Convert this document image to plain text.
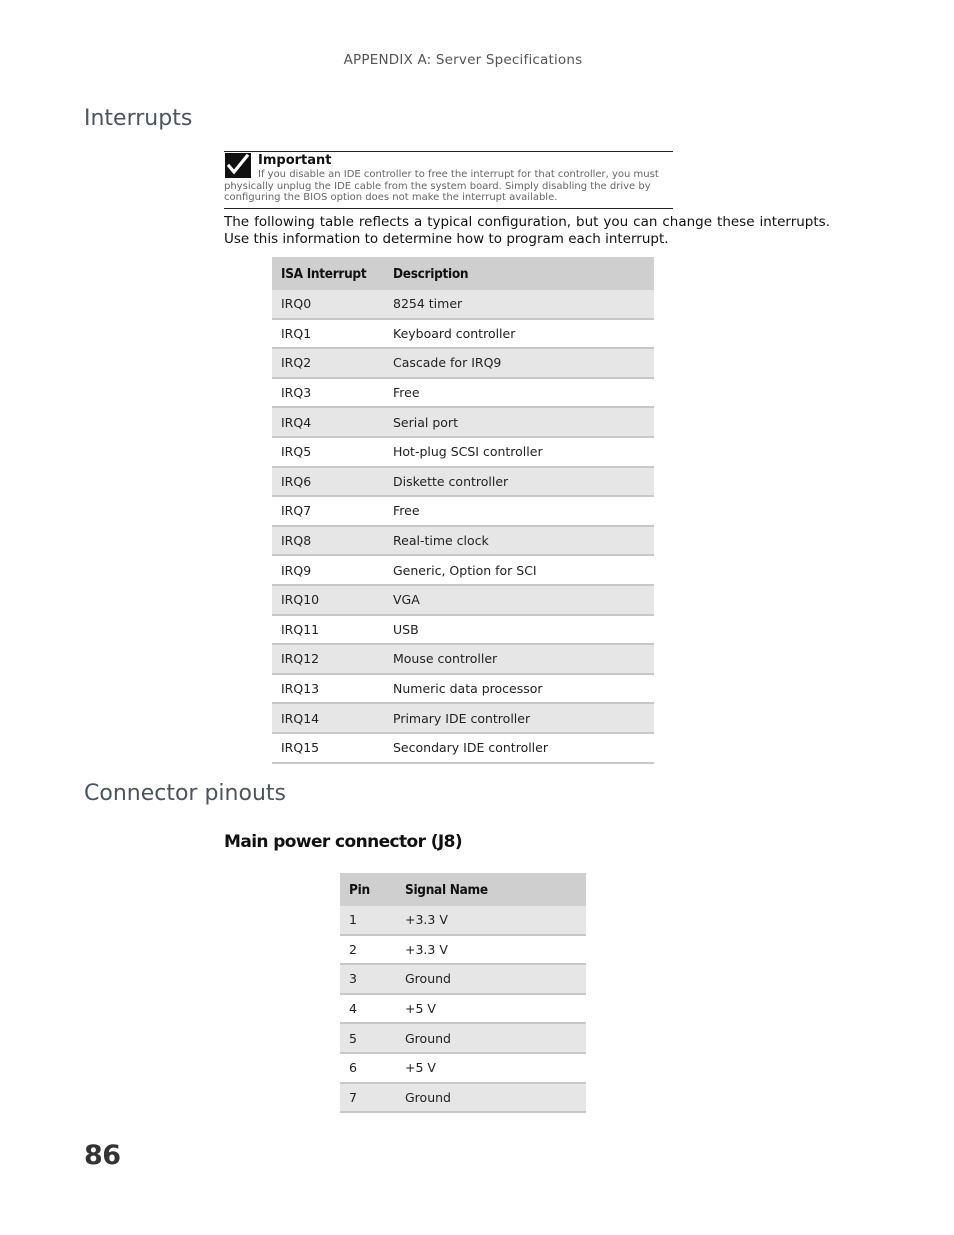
APPENDIX A: Server Specifications
Interrupts
Important
If you disable an IDE controller to free the interrupt for that controller, you must physically unplug the IDE cable from the system board. Simply disabling the drive by configuring the BIOS option does not make the interrupt available.
The following table reflects a typical configuration, but you can change these interrupts. Use this information to determine how to program each interrupt.
ISA Interrupt	Description
IRQ0	8254 timer
IRQ1	Keyboard controller
IRQ2	Cascade for IRQ9
IRQ3	Free
IRQ4	Serial port
IRQ5	Hot-plug SCSI controller
IRQ6	Diskette controller
IRQ7	Free
IRQ8	Real-time clock
IRQ9	Generic, Option for SCI
IRQ10	VGA
IRQ11	USB
IRQ12	Mouse controller
IRQ13	Numeric data processor
IRQ14	Primary IDE controller
IRQ15	Secondary IDE controller
Connector pinouts
Main power connector (J8)
Pin	Signal Name
1	+3.3 V
2	+3.3 V
3	Ground
4	+5 V
5	Ground
6	+5 V
7	Ground
86
